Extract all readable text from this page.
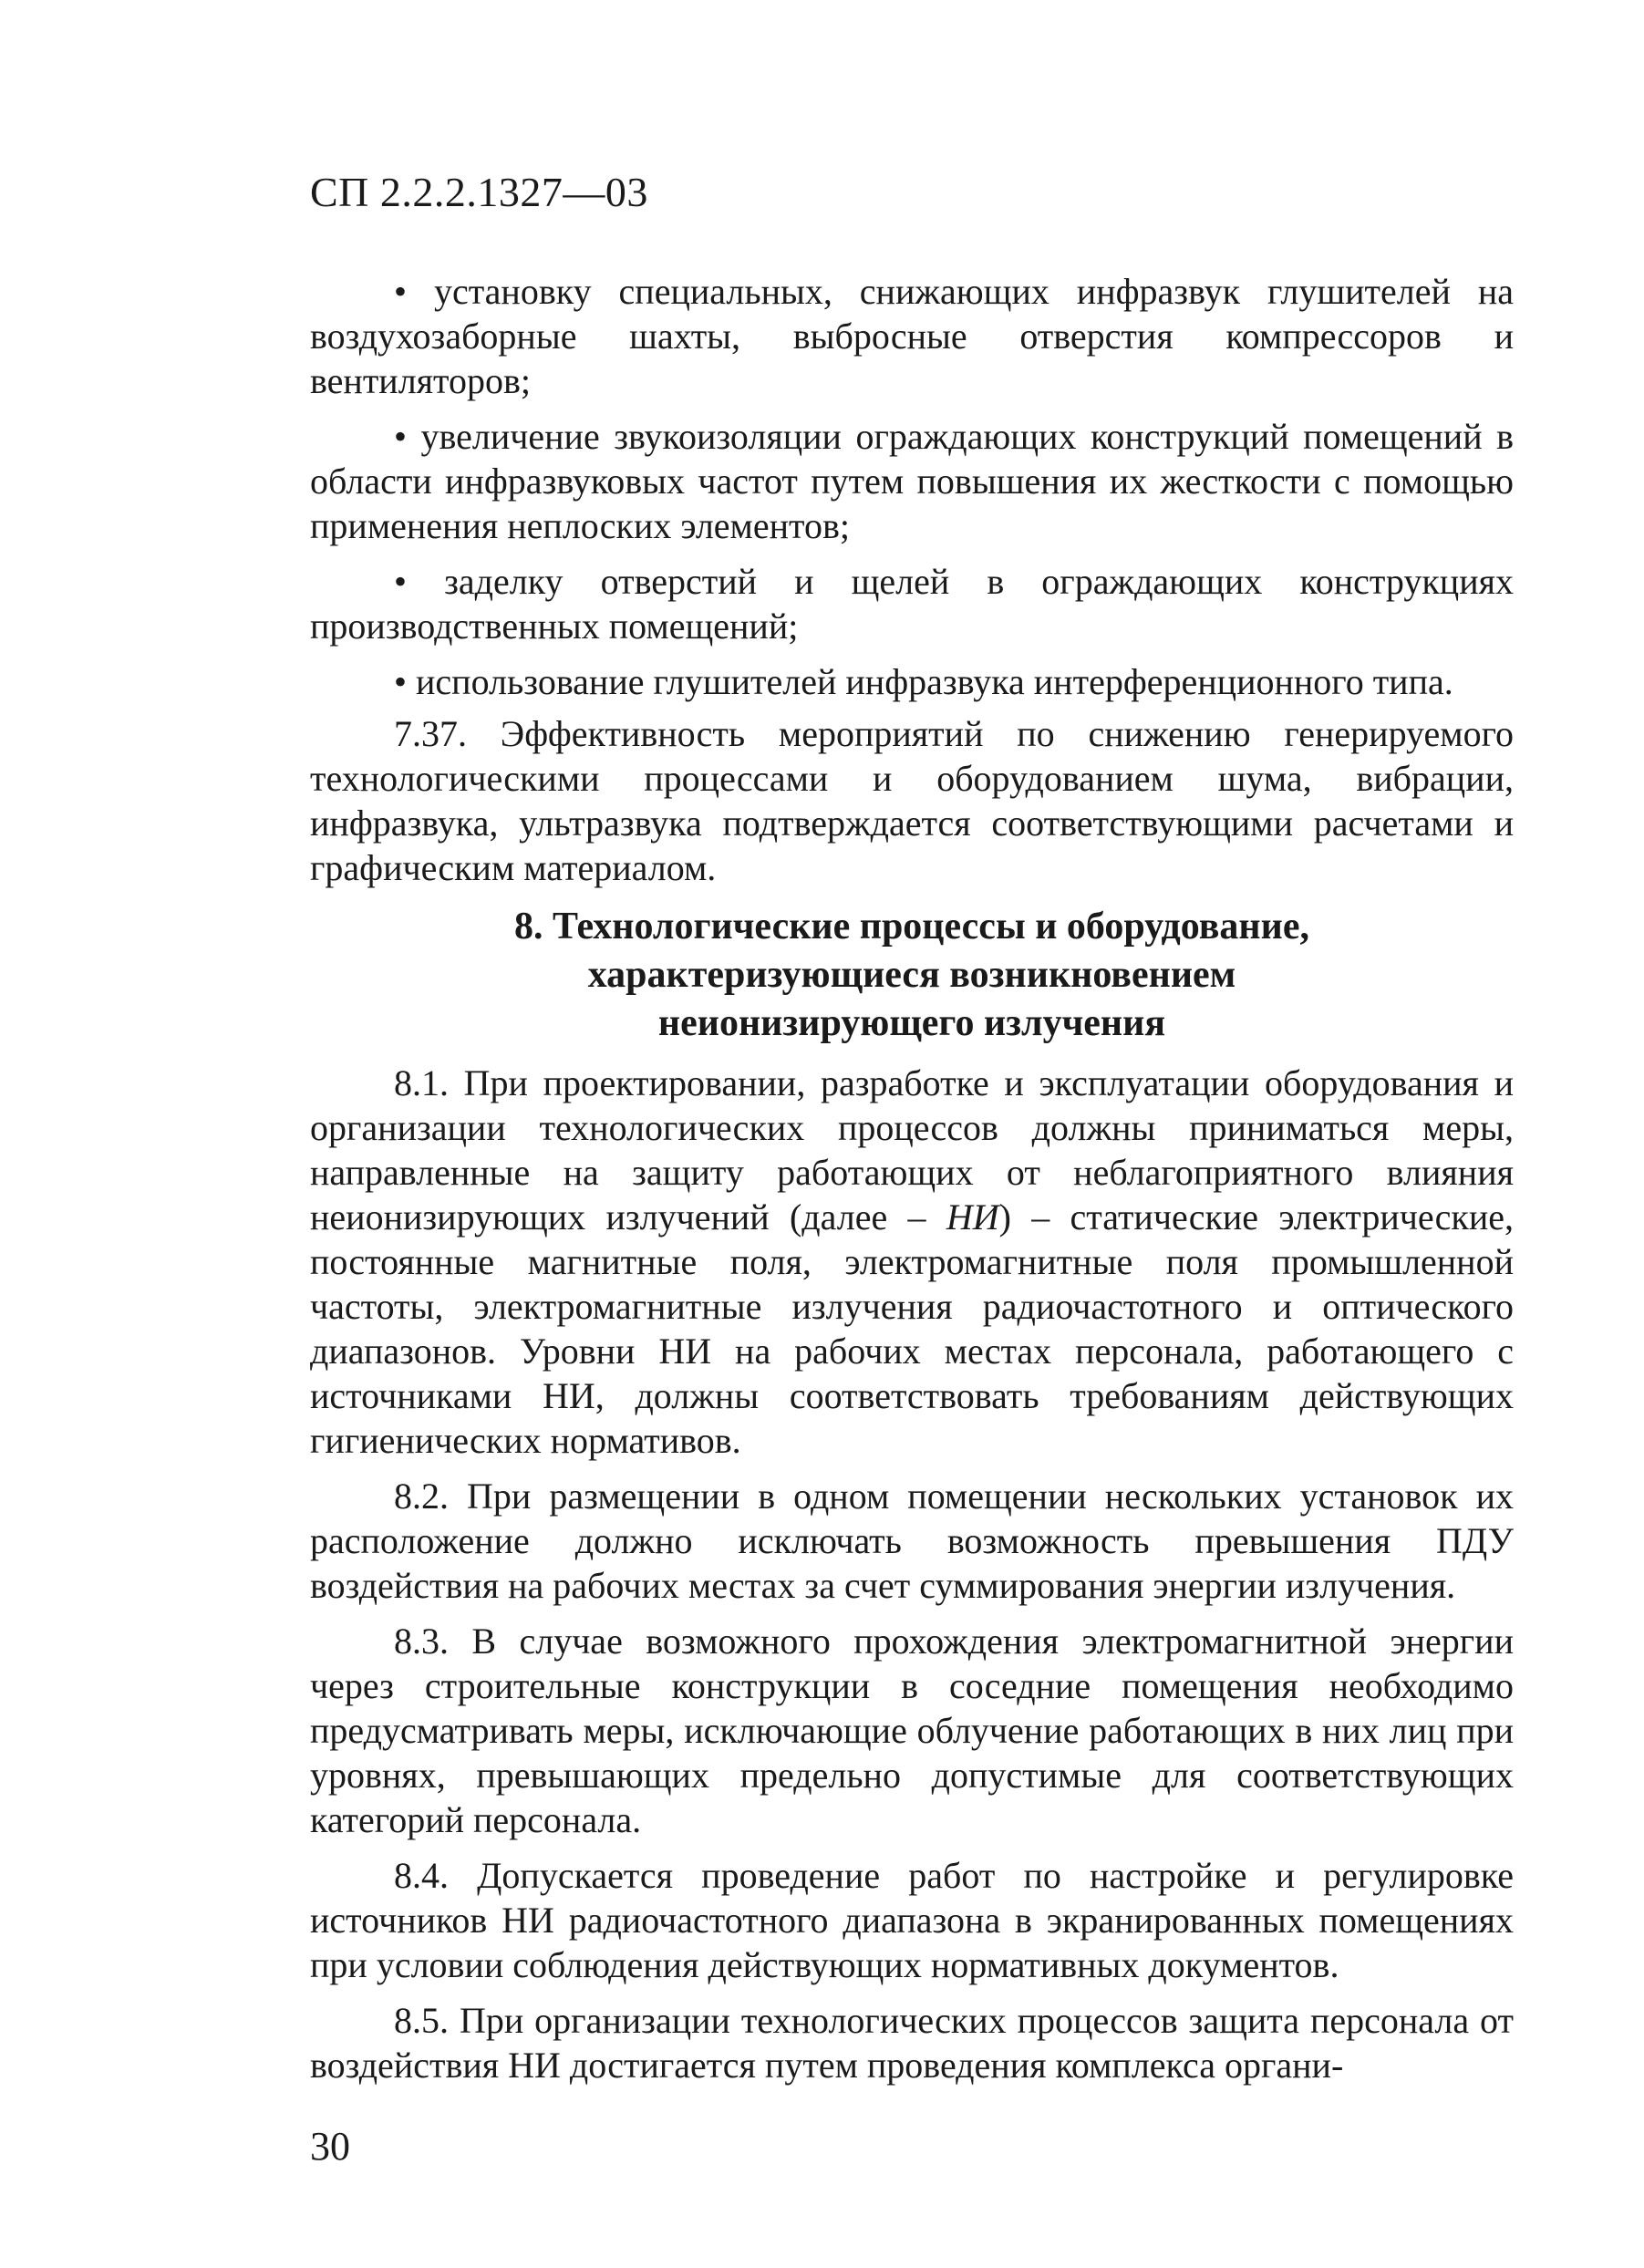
СП 2.2.2.1327—03

• установку специальных, снижающих инфразвук глушителей на воздухозаборные шахты, выбросные отверстия компрессоров и вентиляторов;

• увеличение звукоизоляции ограждающих конструкций помещений в области инфразвуковых частот путем повышения их жесткости с помощью применения неплоских элементов;

• заделку отверстий и щелей в ограждающих конструкциях производственных помещений;

• использование глушителей инфразвука интерференционного типа.

7.37. Эффективность мероприятий по снижению генерируемого технологическими процессами и оборудованием шума, вибрации, инфразвука, ультразвука подтверждается соответствующими расчетами и графическим материалом.

8. Технологические процессы и оборудование,
характеризующиеся возникновением
неионизирующего излучения

8.1. При проектировании, разработке и эксплуатации оборудования и организации технологических процессов должны приниматься меры, направленные на защиту работающих от неблагоприятного влияния неионизирующих излучений (далее – НИ) – статические электрические, постоянные магнитные поля, электромагнитные поля промышленной частоты, электромагнитные излучения радиочастотного и оптического диапазонов. Уровни НИ на рабочих местах персонала, работающего с источниками НИ, должны соответствовать требованиям действующих гигиенических нормативов.

8.2. При размещении в одном помещении нескольких установок их расположение должно исключать возможность превышения ПДУ воздействия на рабочих местах за счет суммирования энергии излучения.

8.3. В случае возможного прохождения электромагнитной энергии через строительные конструкции в соседние помещения необходимо предусматривать меры, исключающие облучение работающих в них лиц при уровнях, превышающих предельно допустимые для соответствующих категорий персонала.

8.4. Допускается проведение работ по настройке и регулировке источников НИ радиочастотного диапазона в экранированных помещениях при условии соблюдения действующих нормативных документов.

8.5. При организации технологических процессов защита персонала от воздействия НИ достигается путем проведения комплекса органи-

30
